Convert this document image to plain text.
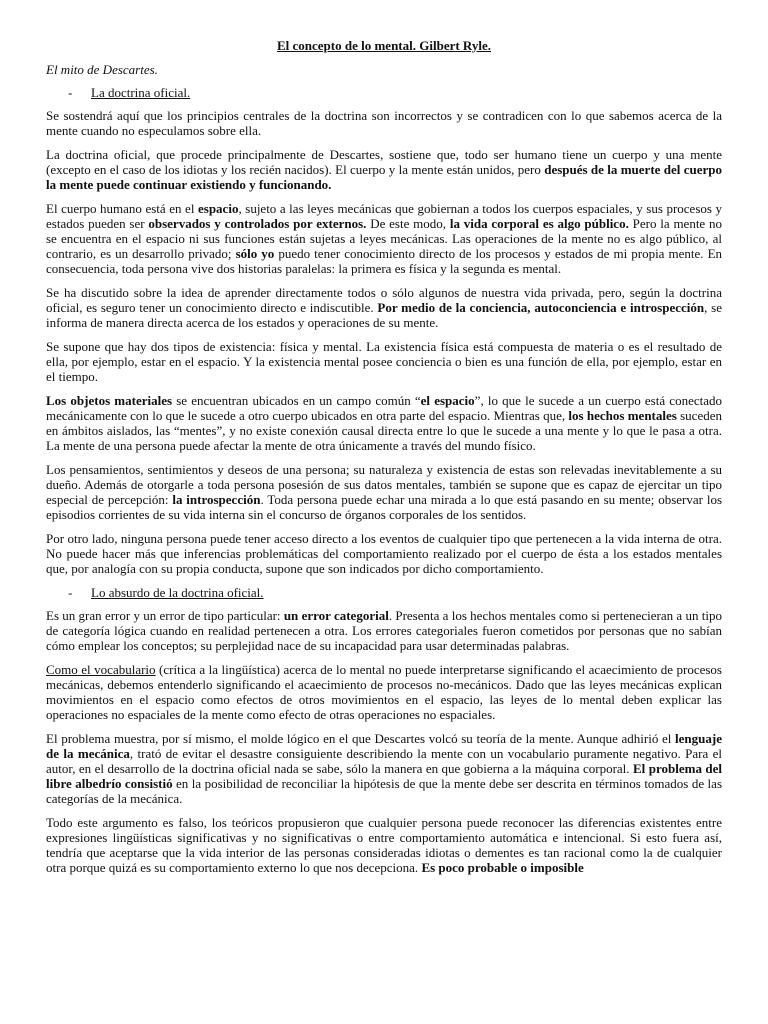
El concepto de lo mental. Gilbert Ryle.
El mito de Descartes.
-	La doctrina oficial.

Se sostendrá aquí que los principios centrales de la doctrina son incorrectos y se contradicen con lo que sabemos acerca de la mente cuando no especulamos sobre ella.

La doctrina oficial, que procede principalmente de Descartes, sostiene que, todo ser humano tiene un cuerpo y una mente (excepto en el caso de los idiotas y los recién nacidos). El cuerpo y la mente están unidos, pero después de la muerte del cuerpo la mente puede continuar existiendo y funcionando.

El cuerpo humano está en el espacio, sujeto a las leyes mecánicas que gobiernan a todos los cuerpos espaciales, y sus procesos y estados pueden ser observados y controlados por externos. De este modo, la vida corporal es algo público. Pero la mente no se encuentra en el espacio ni sus funciones están sujetas a leyes mecánicas. Las operaciones de la mente no es algo público, al contrario, es un desarrollo privado; sólo yo puedo tener conocimiento directo de los procesos y estados de mi propia mente. En consecuencia, toda persona vive dos historias paralelas: la primera es física y la segunda es mental.

Se ha discutido sobre la idea de aprender directamente todos o sólo algunos de nuestra vida privada, pero, según la doctrina oficial, es seguro tener un conocimiento directo e indiscutible. Por medio de la conciencia, autoconciencia e introspección, se informa de manera directa acerca de los estados y operaciones de su mente.

Se supone que hay dos tipos de existencia: física y mental. La existencia física está compuesta de materia o es el resultado de ella, por ejemplo, estar en el espacio. Y la existencia mental posee conciencia o bien es una función de ella, por ejemplo, estar en el tiempo.

Los objetos materiales se encuentran ubicados en un campo común “el espacio”, lo que le sucede a un cuerpo está conectado mecánicamente con lo que le sucede a otro cuerpo ubicados en otra parte del espacio. Mientras que, los hechos mentales suceden en ámbitos aislados, las “mentes”, y no existe conexión causal directa entre lo que le sucede a una mente y lo que le pasa a otra. La mente de una persona puede afectar la mente de otra únicamente a través del mundo físico.

Los pensamientos, sentimientos y deseos de una persona; su naturaleza y existencia de estas son relevadas inevitablemente a su dueño. Además de otorgarle a toda persona posesión de sus datos mentales, también se supone que es capaz de ejercitar un tipo especial de percepción: la introspección. Toda persona puede echar una mirada a lo que está pasando en su mente; observar los episodios corrientes de su vida interna sin el concurso de órganos corporales de los sentidos.

Por otro lado, ninguna persona puede tener acceso directo a los eventos de cualquier tipo que pertenecen a la vida interna de otra. No puede hacer más que inferencias problemáticas del comportamiento realizado por el cuerpo de ésta a los estados mentales que, por analogía con su propia conducta, supone que son indicados por dicho comportamiento.

-	Lo absurdo de la doctrina oficial.

Es un gran error y un error de tipo particular: un error categorial. Presenta a los hechos mentales como si pertenecieran a un tipo de categoría lógica cuando en realidad pertenecen a otra. Los errores categoriales fueron cometidos por personas que no sabían cómo emplear los conceptos; su perplejidad nace de su incapacidad para usar determinadas palabras.

Como el vocabulario (crítica a la lingüística) acerca de lo mental no puede interpretarse significando el acaecimiento de procesos mecánicas, debemos entenderlo significando el acaecimiento de procesos no-mecánicos. Dado que las leyes mecánicas explican movimientos en el espacio como efectos de otros movimientos en el espacio, las leyes de lo mental deben explicar las operaciones no espaciales de la mente como efecto de otras operaciones no espaciales.

El problema muestra, por sí mismo, el molde lógico en el que Descartes volcó su teoría de la mente. Aunque adhirió el lenguaje de la mecánica, trató de evitar el desastre consiguiente describiendo la mente con un vocabulario puramente negativo. Para el autor, en el desarrollo de la doctrina oficial nada se sabe, sólo la manera en que gobierna a la máquina corporal. El problema del libre albedrío consistió en la posibilidad de reconciliar la hipótesis de que la mente debe ser descrita en términos tomados de las categorías de la mecánica.

Todo este argumento es falso, los teóricos propusieron que cualquier persona puede reconocer las diferencias existentes entre expresiones lingüísticas significativas y no significativas o entre comportamiento automática e intencional. Si esto fuera así, tendría que aceptarse que la vida interior de las personas consideradas idiotas o dementes es tan racional como la de cualquier otra porque quizá es su comportamiento externo lo que nos decepciona. Es poco probable o imposible
